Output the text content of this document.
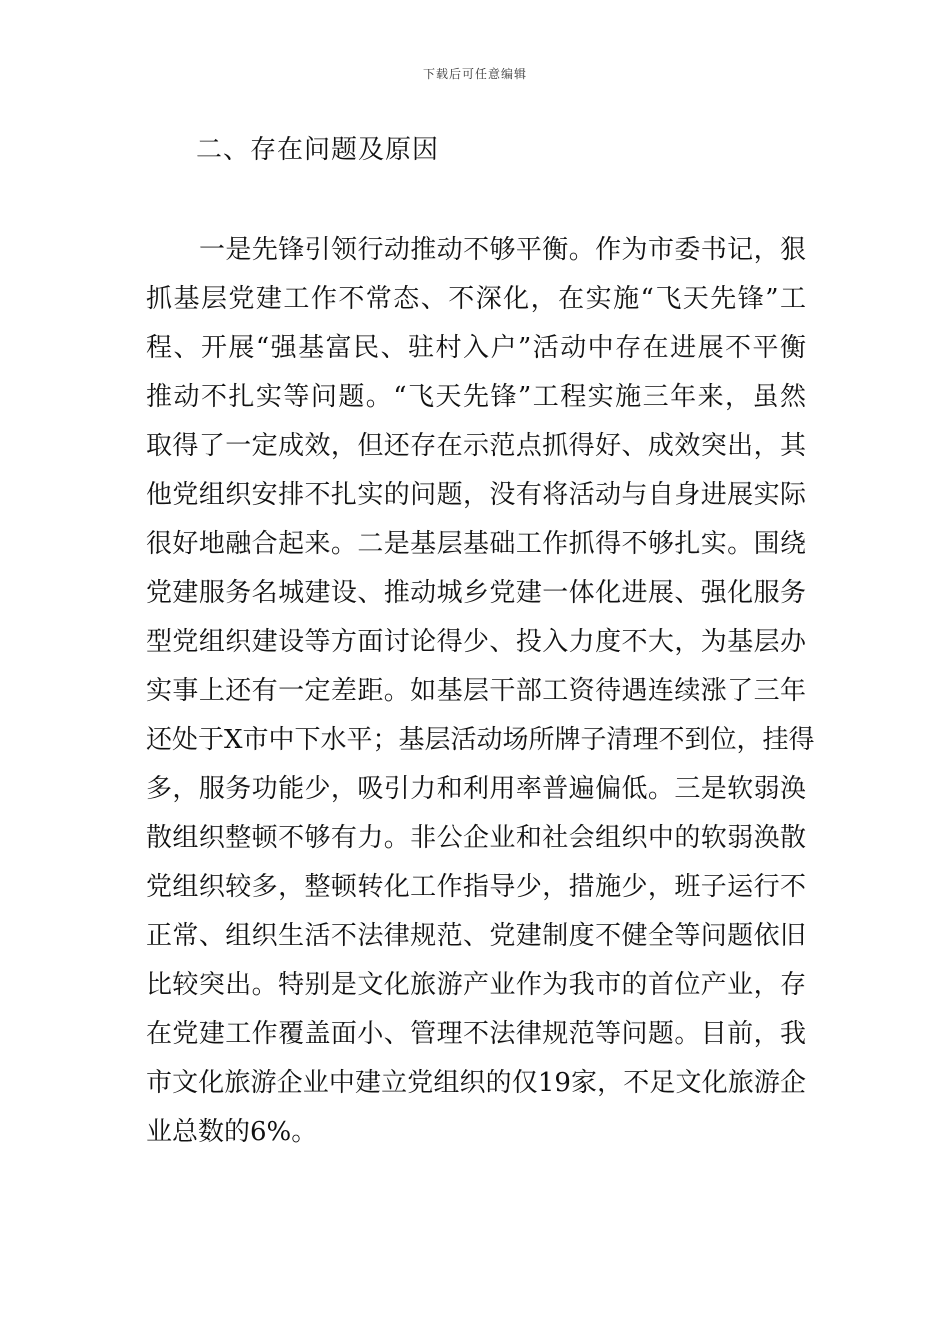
下载后可任意编辑
二、存在问题及原因
一是先锋引领行动推动不够平衡。作为市委书记，狠
抓基层党建工作不常态、不深化，在实施“飞天先锋”工
程、开展“强基富民、驻村入户”活动中存在进展不平衡
推动不扎实等问题。“飞天先锋”工程实施三年来，虽然
取得了一定成效，但还存在示范点抓得好、成效突出，其
他党组织安排不扎实的问题，没有将活动与自身进展实际
很好地融合起来。二是基层基础工作抓得不够扎实。围绕
党建服务名城建设、推动城乡党建一体化进展、强化服务
型党组织建设等方面讨论得少、投入力度不大，为基层办
实事上还有一定差距。如基层干部工资待遇连续涨了三年
还处于X市中下水平；基层活动场所牌子清理不到位，挂得
多，服务功能少，吸引力和利用率普遍偏低。三是软弱涣
散组织整顿不够有力。非公企业和社会组织中的软弱涣散
党组织较多，整顿转化工作指导少，措施少，班子运行不
正常、组织生活不法律规范、党建制度不健全等问题依旧
比较突出。特别是文化旅游产业作为我市的首位产业，存
在党建工作覆盖面小、管理不法律规范等问题。目前，我
市文化旅游企业中建立党组织的仅19家，不足文化旅游企
业总数的6%。
